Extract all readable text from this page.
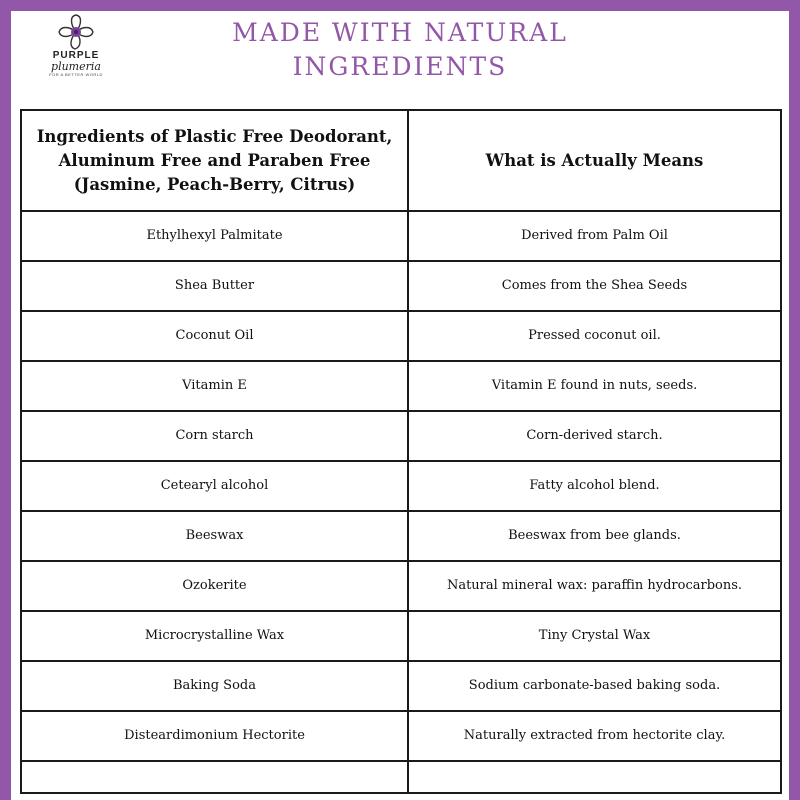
PURPLE
plumeria
FOR A BETTER WORLD
MADE WITH NATURAL
INGREDIENTS
Ingredients of Plastic Free Deodorant, Aluminum Free and Paraben Free (Jasmine, Peach-Berry, Citrus)	What is Actually Means
Ethylhexyl Palmitate	Derived from Palm Oil
Shea Butter	Comes from the Shea Seeds
Coconut Oil	Pressed coconut oil.
Vitamin E	Vitamin E found in nuts, seeds.
Corn starch	Corn-derived starch.
Cetearyl alcohol	Fatty alcohol blend.
Beeswax	Beeswax from bee glands.
Ozokerite	Natural mineral wax: paraffin hydrocarbons.
Microcrystalline Wax	Tiny Crystal Wax
Baking Soda	Sodium carbonate-based baking soda.
Disteardimonium Hectorite	Naturally extracted from hectorite clay.
